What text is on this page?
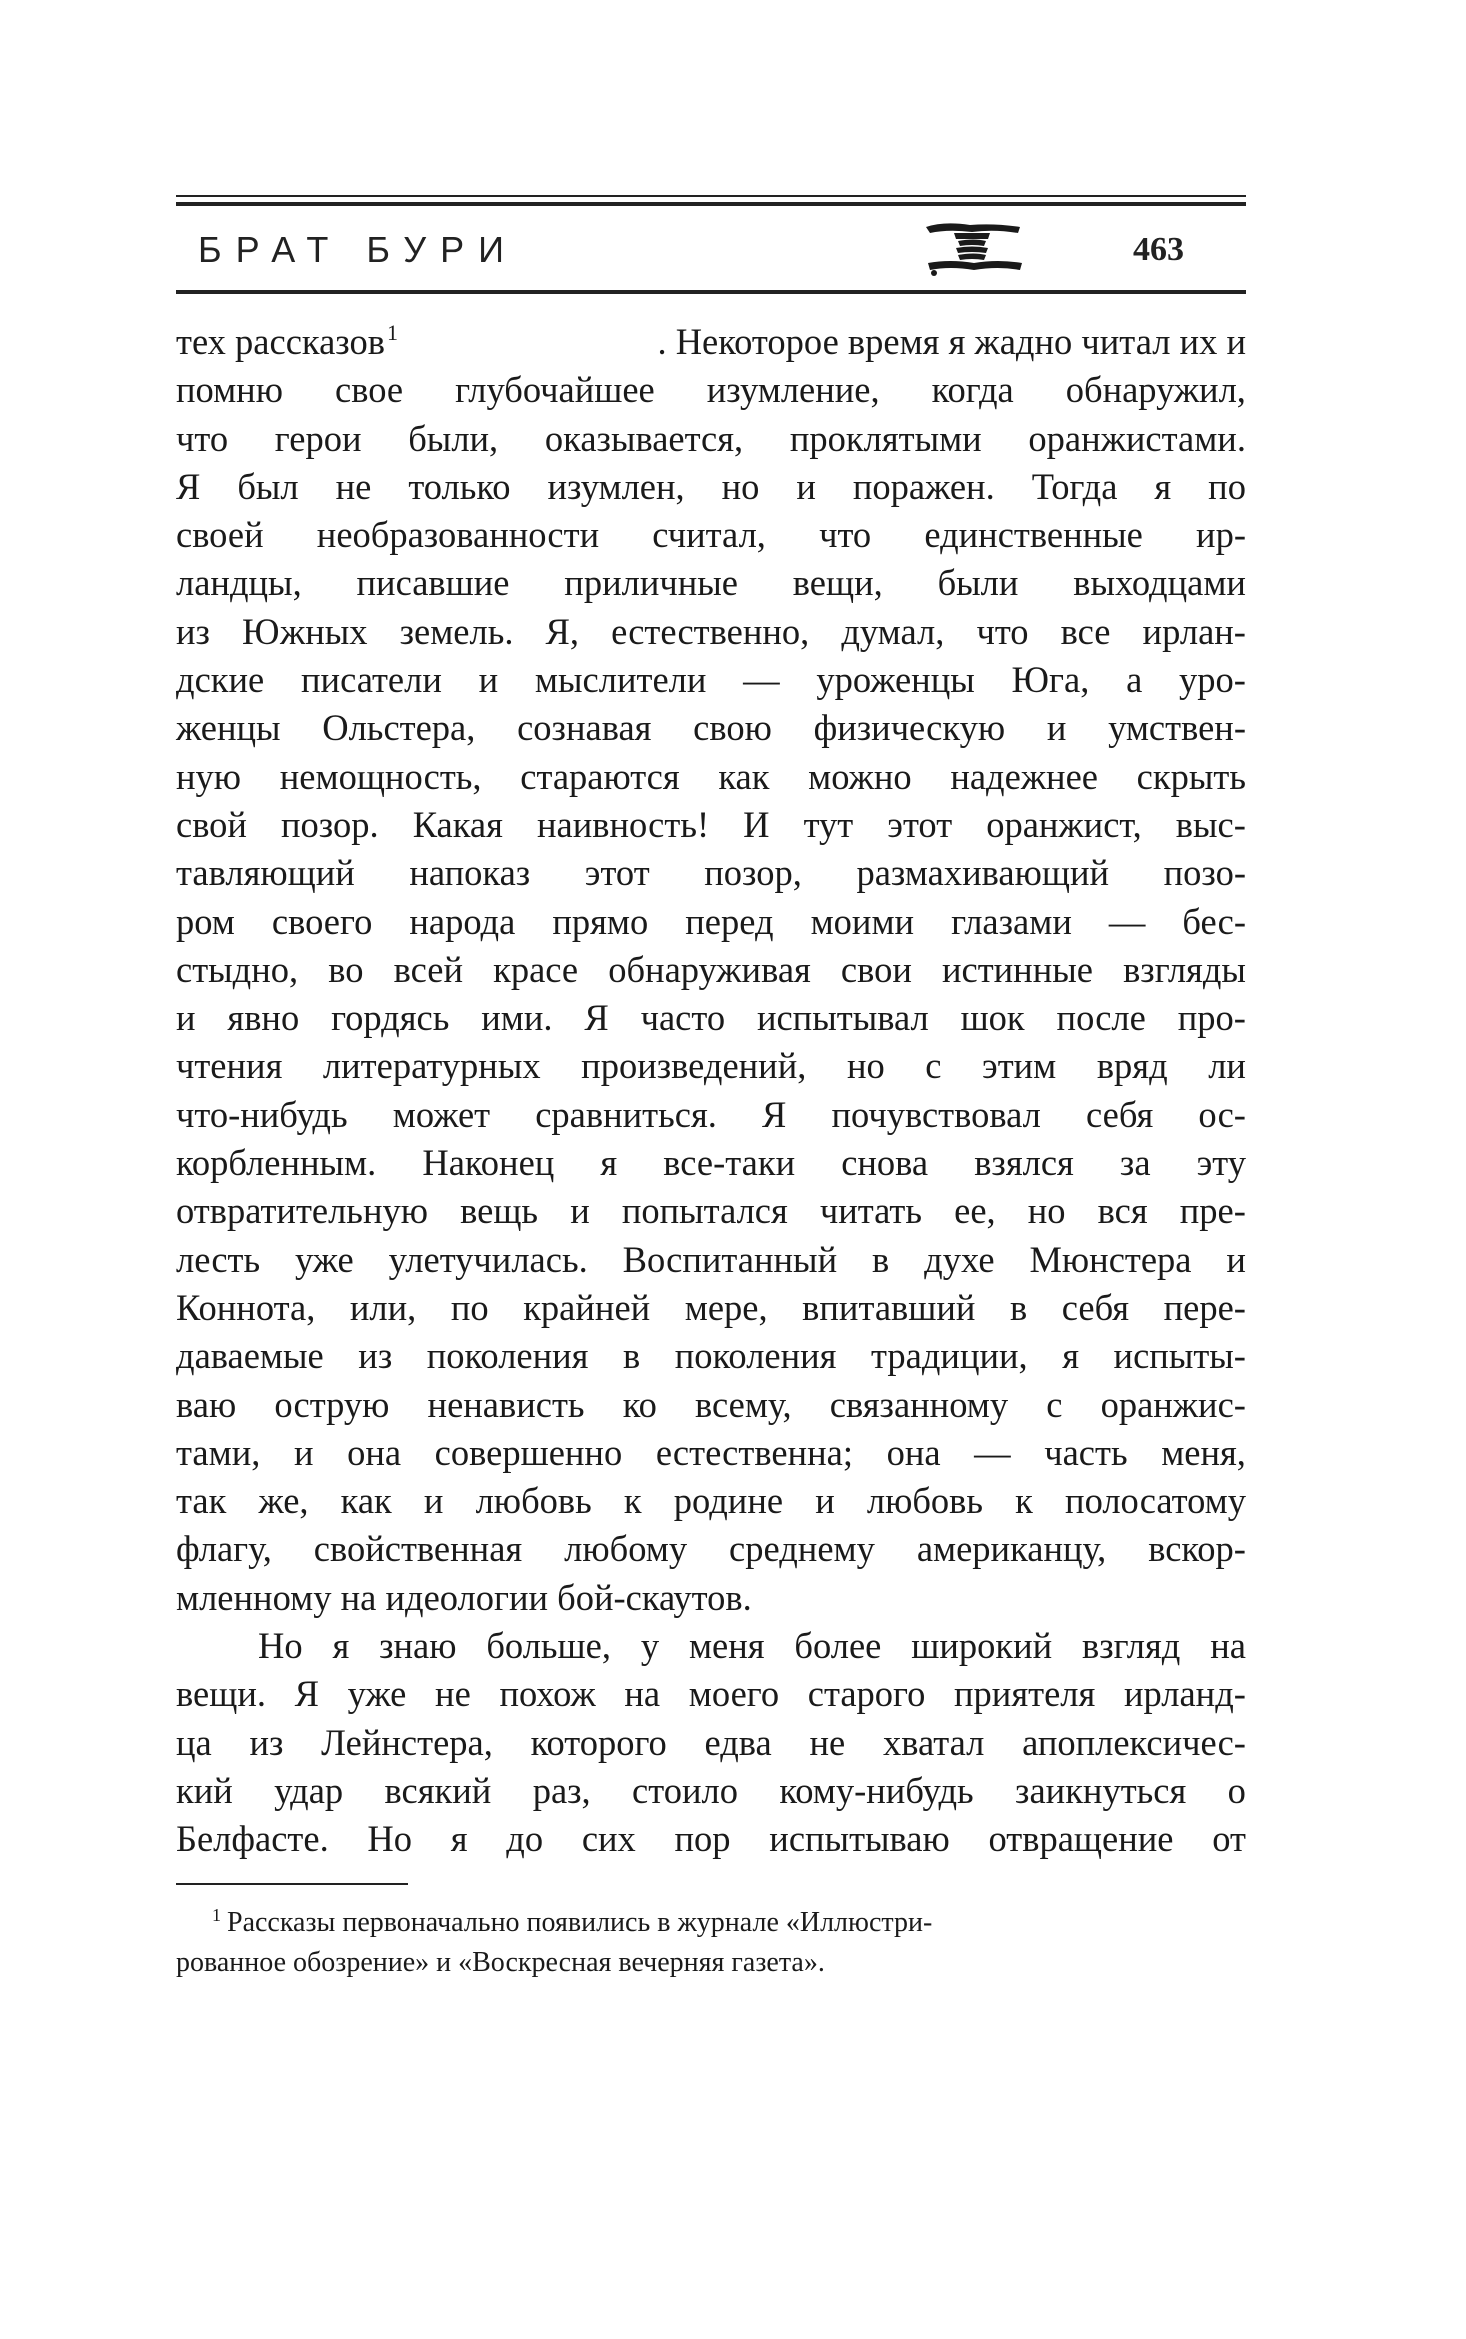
БРАТ БУРИ	463
тех рассказов$^1$	. Некоторое время я жадно читал их и
помню свое глубочайшее изумление, когда обнаружил,
что герои были, оказывается, проклятыми оранжистами.
Я был не только изумлен, но и поражен. Тогда я по
своей необразованности считал, что единственные ир-
ландцы, писавшие приличные вещи, были выходцами
из Южных земель. Я, естественно, думал, что все ирлан-
дские писатели и мыслители — уроженцы Юга, а уро-
женцы Ольстера, сознавая свою физическую и умствен-
ную немощность, стараются как можно надежнее скрыть
свой позор. Какая наивность! И тут этот оранжист, выс-
тавляющий напоказ этот позор, размахивающий позо-
ром своего народа прямо перед моими глазами — бес-
стыдно, во всей красе обнаруживая свои истинные взгляды
и явно гордясь ими. Я часто испытывал шок после про-
чтения литературных произведений, но с этим вряд ли
что-нибудь может сравниться. Я почувствовал себя ос-
корбленным. Наконец я все-таки снова взялся за эту
отвратительную вещь и попытался читать ее, но вся пре-
лесть уже улетучилась. Воспитанный в духе Мюнстера и
Коннота, или, по крайней мере, впитавший в себя пере-
даваемые из поколения в поколения традиции, я испыты-
ваю острую ненависть ко всему, связанному с оранжис-
тами, и она совершенно естественна; она — часть меня,
так же, как и любовь к родине и любовь к полосатому
флагу, свойственная любому среднему американцу, вскор-
мленному на идеологии бой-скаутов.
Но я знаю больше, у меня более широкий взгляд на
вещи. Я уже не похож на моего старого приятеля ирланд-
ца из Лейнстера, которого едва не хватал апоплексичес-
кий удар всякий раз, стоило кому-нибудь заикнуться о
Белфасте. Но я до сих пор испытываю отвращение от
$^1$ Рассказы первоначально появились в журнале «Иллюстри-
рованное обозрение» и «Воскресная вечерняя газета».
